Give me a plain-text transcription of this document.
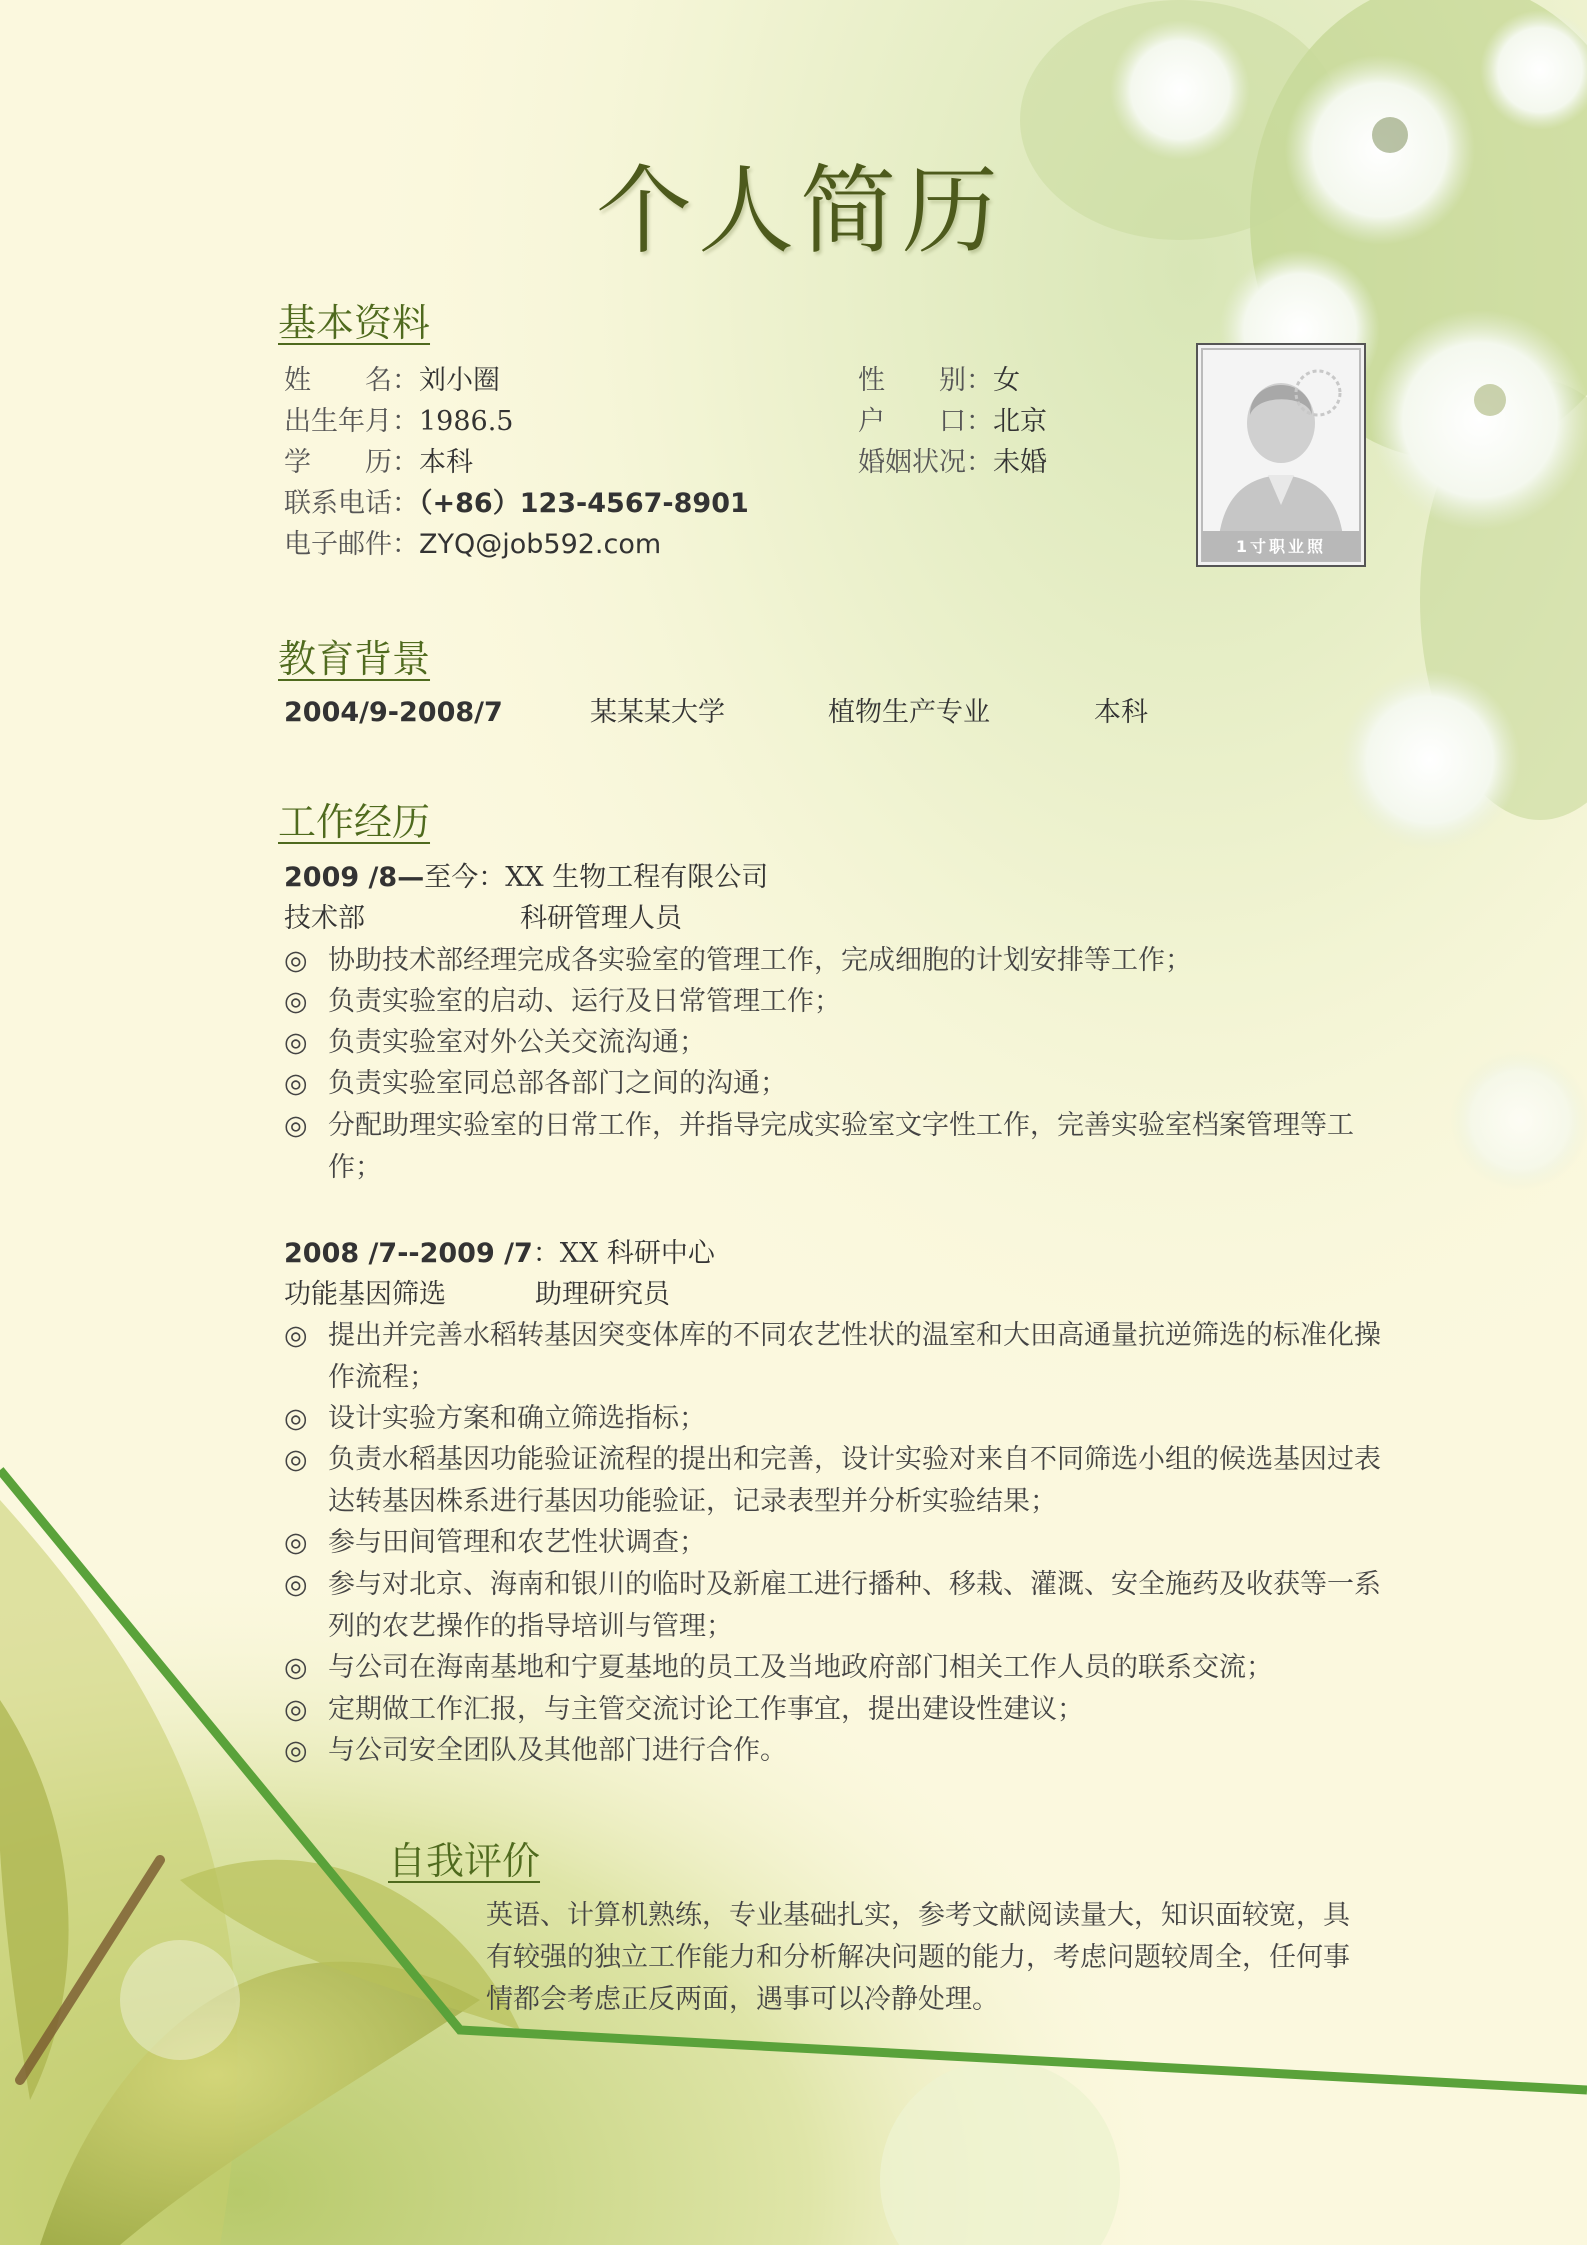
个人简历
基本资料
姓　　名：刘小圈	性　　别：女
出生年月：1986.5	户　　口：北京
学　　历：本科	婚姻状况：未婚
联系电话：（+86）123-4567-8901
电子邮件：ZYQ@job592.com	1寸职业照
教育背景
2004/9-2008/7	某某某大学	植物生产专业	本科
工作经历
2009 /8—至今：XX 生物工程有限公司
技术部	科研管理人员
◎ 协助技术部经理完成各实验室的管理工作，完成细胞的计划安排等工作；
◎ 负责实验室的启动、运行及日常管理工作；
◎ 负责实验室对外公关交流沟通；
◎ 负责实验室同总部各部门之间的沟通；
◎ 分配助理实验室的日常工作，并指导完成实验室文字性工作，完善实验室档案管理等工作；
2008 /7--2009 /7：XX 科研中心
功能基因筛选	助理研究员
◎ 提出并完善水稻转基因突变体库的不同农艺性状的温室和大田高通量抗逆筛选的标准化操作流程；
◎ 设计实验方案和确立筛选指标；
◎ 负责水稻基因功能验证流程的提出和完善，设计实验对来自不同筛选小组的候选基因过表达转基因株系进行基因功能验证，记录表型并分析实验结果；
◎ 参与田间管理和农艺性状调查；
◎ 参与对北京、海南和银川的临时及新雇工进行播种、移栽、灌溉、安全施药及收获等一系列的农艺操作的指导培训与管理；
◎ 与公司在海南基地和宁夏基地的员工及当地政府部门相关工作人员的联系交流；
◎ 定期做工作汇报，与主管交流讨论工作事宜，提出建设性建议；
◎ 与公司安全团队及其他部门进行合作。
自我评价
英语、计算机熟练，专业基础扎实，参考文献阅读量大，知识面较宽，具有较强的独立工作能力和分析解决问题的能力，考虑问题较周全，任何事情都会考虑正反两面，遇事可以冷静处理。
